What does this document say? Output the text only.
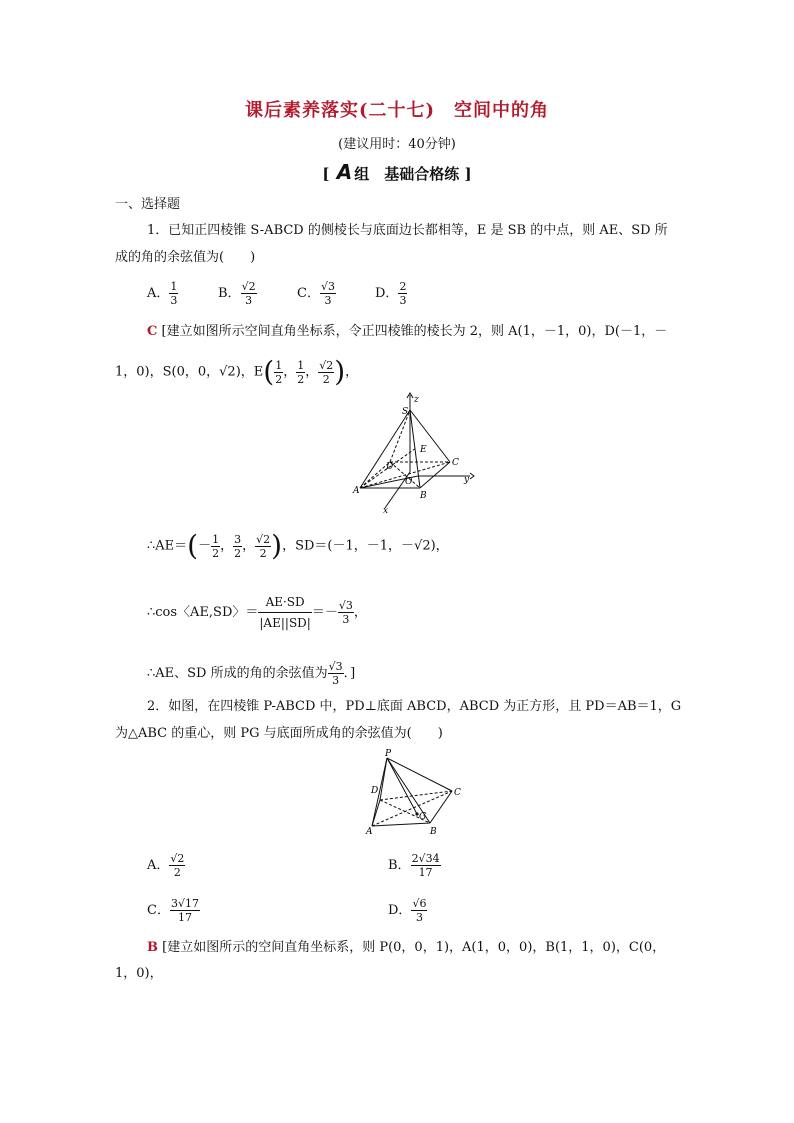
课后素养落实(二十七)　空间中的角
(建议用时：40分钟)
[ A 组　基础合格练 ]
一、选择题
1．已知正四棱锥 S-ABCD 的侧棱长与底面边长都相等，E 是 SB 的中点，则 AE、SD 所
成的角的余弦值为(　　)
A． $\frac{1}{3}$	B． $\frac{√2}{3}$	C． $\frac{√3}{3}$	D． $\frac{2}{3}$
C [建立如图所示空间直角坐标系，令正四棱锥的棱长为 2，则 A(1，－1，0)，D(－1，－
1，0)，S(0，0，√2)，$E( \frac{1}{2}$ ， $\frac{1}{2}$ ， $\frac{√2}{2}$ )，
S
z
E
D	C
O
A	B
y
x
∴AE＝(－ $\frac{1}{2}$ ， $\frac{3}{2}$ ， $\frac{√2}{2}$ )，SD＝(－1，－1，－√2)，
∴cos〈AE,SD〉＝ $\frac{AE\cdot SD}{|AE||SD|} =- \frac{√3}{3}$ ，
∴AE、SD 所成的角的余弦值为 $\frac{√3}{3}$ ．]
2．如图，在四棱锥 P-ABCD 中，PD⊥底面 ABCD，ABCD 为正方形，且 PD＝AB＝1，G
为△ABC 的重心，则 PG 与底面所成角的余弦值为(　　)
P
D	C
G
A	B
A． $\frac{√2}{2}$	B． $\frac{2√34}{17}$
C． $\frac{3√17}{17}$	D． $\frac{√6}{3}$
B [建立如图所示的空间直角坐标系，则 P(0，0，1)，A(1，0，0)，B(1，1，0)，C(0，
1，0)，
